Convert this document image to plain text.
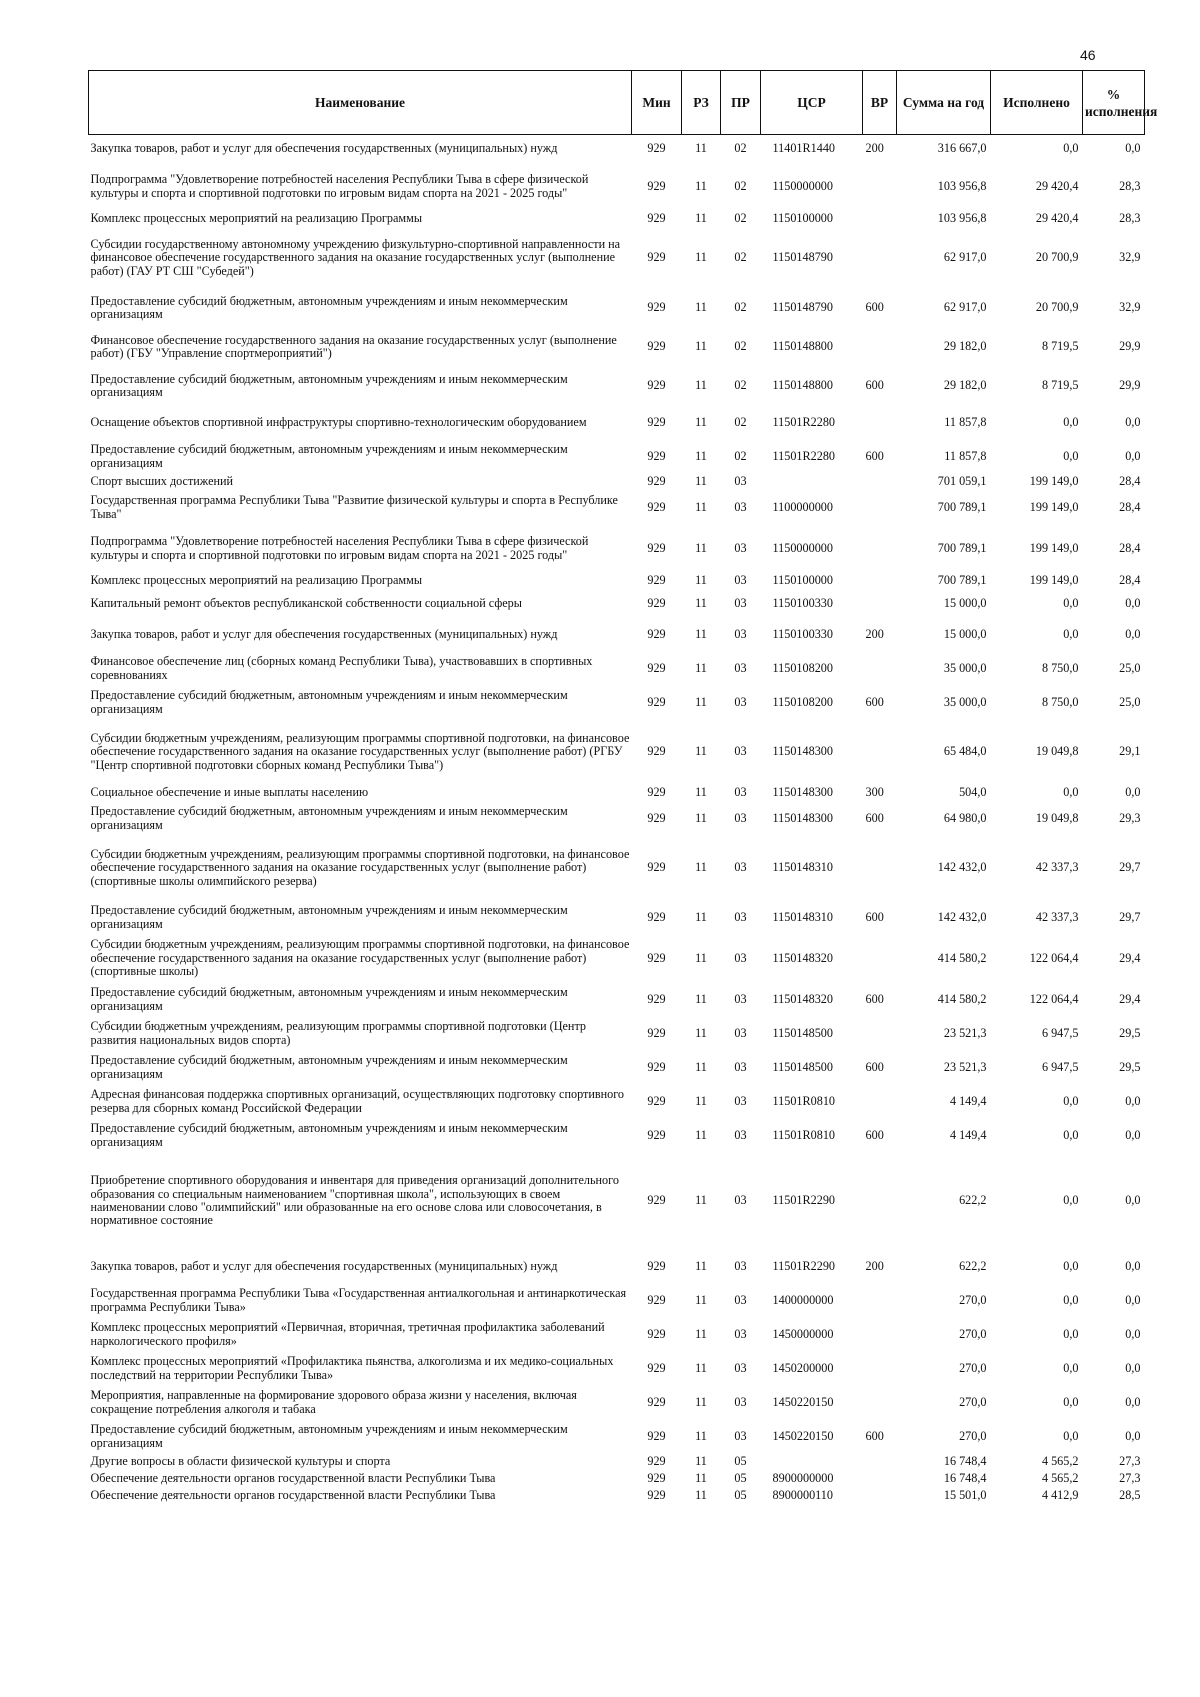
46
Наименование	Мин	РЗ	ПР	ЦСР	ВР	Сумма на год	Исполнено	% исполнения
Закупка товаров, работ и услуг для обеспечения государственных (муниципальных) нужд	929	11	02	11401R1440	200	316 667,0	0,0	0,0
Подпрограмма "Удовлетворение потребностей населения Республики Тыва в сфере физической культуры и спорта и спортивной подготовки по игровым видам спорта на 2021 - 2025 годы"	929	11	02	1150000000		103 956,8	29 420,4	28,3
Комплекс процессных мероприятий на реализацию Программы	929	11	02	1150100000		103 956,8	29 420,4	28,3
Субсидии государственному автономному учреждению физкультурно-спортивной направленности на финансовое обеспечение государственного задания на оказание государственных услуг (выполнение работ) (ГАУ РТ СШ "Субедей")	929	11	02	1150148790		62 917,0	20 700,9	32,9
Предоставление субсидий бюджетным, автономным учреждениям и иным некоммерческим организациям	929	11	02	1150148790	600	62 917,0	20 700,9	32,9
Финансовое обеспечение государственного задания на оказание государственных услуг (выполнение работ) (ГБУ "Управление спортмероприятий")	929	11	02	1150148800		29 182,0	8 719,5	29,9
Предоставление субсидий бюджетным, автономным учреждениям и иным некоммерческим организациям	929	11	02	1150148800	600	29 182,0	8 719,5	29,9
Оснащение объектов спортивной инфраструктуры спортивно-технологическим оборудованием	929	11	02	11501R2280		11 857,8	0,0	0,0
Предоставление субсидий бюджетным, автономным учреждениям и иным некоммерческим организациям	929	11	02	11501R2280	600	11 857,8	0,0	0,0
Спорт высших достижений	929	11	03			701 059,1	199 149,0	28,4
Государственная программа Республики Тыва "Развитие физической культуры и спорта в Республике Тыва"	929	11	03	1100000000		700 789,1	199 149,0	28,4
Подпрограмма "Удовлетворение потребностей населения Республики Тыва в сфере физической культуры и спорта и спортивной подготовки по игровым видам спорта на 2021 - 2025 годы"	929	11	03	1150000000		700 789,1	199 149,0	28,4
Комплекс процессных мероприятий на реализацию Программы	929	11	03	1150100000		700 789,1	199 149,0	28,4
Капитальный ремонт объектов республиканской собственности социальной сферы	929	11	03	1150100330		15 000,0	0,0	0,0
Закупка товаров, работ и услуг для обеспечения государственных (муниципальных) нужд	929	11	03	1150100330	200	15 000,0	0,0	0,0
Финансовое обеспечение лиц (сборных команд Республики Тыва), участвовавших в спортивных соревнованиях	929	11	03	1150108200		35 000,0	8 750,0	25,0
Предоставление субсидий бюджетным, автономным учреждениям и иным некоммерческим организациям	929	11	03	1150108200	600	35 000,0	8 750,0	25,0
Субсидии бюджетным учреждениям, реализующим программы спортивной подготовки, на финансовое обеспечение государственного задания на оказание государственных услуг (выполнение работ) (РГБУ "Центр спортивной подготовки сборных команд Республики Тыва")	929	11	03	1150148300		65 484,0	19 049,8	29,1
Социальное обеспечение и иные выплаты населению	929	11	03	1150148300	300	504,0	0,0	0,0
Предоставление субсидий бюджетным, автономным учреждениям и иным некоммерческим организациям	929	11	03	1150148300	600	64 980,0	19 049,8	29,3
Субсидии бюджетным учреждениям, реализующим программы спортивной подготовки, на финансовое обеспечение государственного задания на оказание государственных услуг (выполнение работ) (спортивные школы олимпийского резерва)	929	11	03	1150148310		142 432,0	42 337,3	29,7
Предоставление субсидий бюджетным, автономным учреждениям и иным некоммерческим организациям	929	11	03	1150148310	600	142 432,0	42 337,3	29,7
Субсидии бюджетным учреждениям, реализующим программы спортивной подготовки, на финансовое обеспечение государственного задания на оказание государственных услуг (выполнение работ) (спортивные школы)	929	11	03	1150148320		414 580,2	122 064,4	29,4
Предоставление субсидий бюджетным, автономным учреждениям и иным некоммерческим организациям	929	11	03	1150148320	600	414 580,2	122 064,4	29,4
Субсидии бюджетным учреждениям, реализующим программы спортивной подготовки (Центр развития национальных видов спорта)	929	11	03	1150148500		23 521,3	6 947,5	29,5
Предоставление субсидий бюджетным, автономным учреждениям и иным некоммерческим организациям	929	11	03	1150148500	600	23 521,3	6 947,5	29,5
Адресная финансовая поддержка спортивных организаций, осуществляющих подготовку спортивного резерва для сборных команд Российской Федерации	929	11	03	11501R0810		4 149,4	0,0	0,0
Предоставление субсидий бюджетным, автономным учреждениям и иным некоммерческим организациям	929	11	03	11501R0810	600	4 149,4	0,0	0,0
Приобретение спортивного оборудования и инвентаря для приведения организаций дополнительного образования со специальным наименованием "спортивная школа", использующих в своем наименовании слово "олимпийский" или образованные на его основе слова или словосочетания, в нормативное состояние	929	11	03	11501R2290		622,2	0,0	0,0
Закупка товаров, работ и услуг для обеспечения государственных (муниципальных) нужд	929	11	03	11501R2290	200	622,2	0,0	0,0
Государственная программа Республики Тыва «Государственная антиалкогольная и антинаркотическая программа Республики Тыва»	929	11	03	1400000000		270,0	0,0	0,0
Комплекс процессных мероприятий «Первичная, вторичная, третичная профилактика заболеваний наркологического профиля»	929	11	03	1450000000		270,0	0,0	0,0
Комплекс процессных мероприятий «Профилактика пьянства, алкоголизма и их медико-социальных последствий на территории Республики Тыва»	929	11	03	1450200000		270,0	0,0	0,0
Мероприятия, направленные на формирование здорового образа жизни у населения, включая сокращение потребления алкоголя и табака	929	11	03	1450220150		270,0	0,0	0,0
Предоставление субсидий бюджетным, автономным учреждениям и иным некоммерческим организациям	929	11	03	1450220150	600	270,0	0,0	0,0
Другие вопросы в области физической культуры и спорта	929	11	05			16 748,4	4 565,2	27,3
Обеспечение деятельности органов государственной власти Республики Тыва	929	11	05	8900000000		16 748,4	4 565,2	27,3
Обеспечение деятельности органов государственной власти Республики Тыва	929	11	05	8900000110		15 501,0	4 412,9	28,5
